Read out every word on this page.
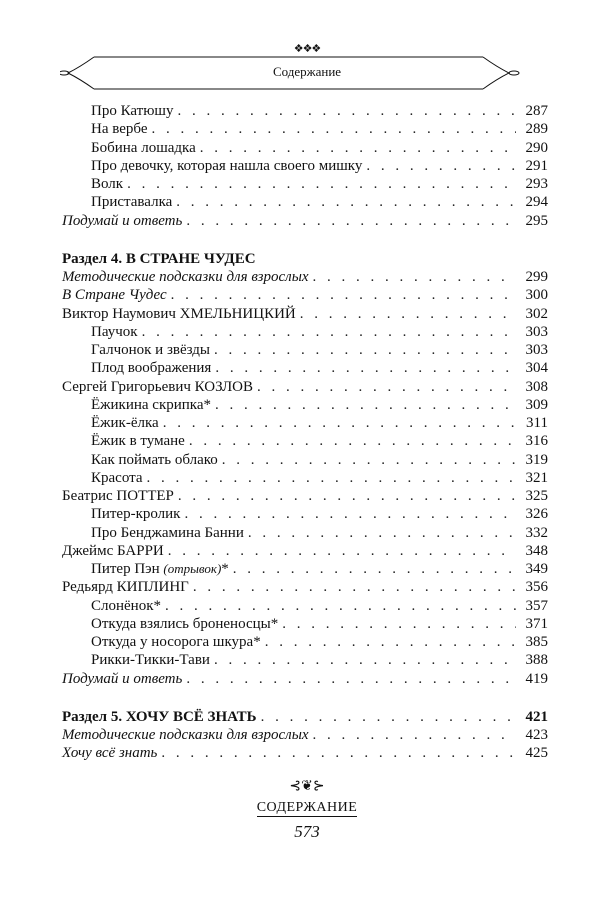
❖❖❖
Содержание
Про Катюшу . . .	287
На вербе . . .	289
Бобина лошадка . . .	290
Про девочку, которая нашла своего мишку . . .	291
Волк . . .	293
Приставалка . . .	294
Подумай и ответь . . .	295
Раздел 4. В СТРАНЕ ЧУДЕС
Методические подсказки для взрослых . . .	299
В Стране Чудес . . .	300
Виктор Наумович ХМЕЛЬНИЦКИЙ . . .	302
Паучок . . .	303
Галчонок и звёзды . . .	303
Плод воображения . . .	304
Сергей Григорьевич КОЗЛОВ . . .	308
Ёжикина скрипка* . . .	309
Ёжик-ёлка . . .	311
Ёжик в тумане . . .	316
Как поймать облако . . .	319
Красота . . .	321
Беатрис ПОТТЕР . . .	325
Питер-кролик . . .	326
Про Бенджамина Банни . . .	332
Джеймс БАРРИ . . .	348
Питер Пэн (отрывок)* . . .	349
Редьярд КИПЛИНГ . . .	356
Слонёнок* . . .	357
Откуда взялись броненосцы* . . .	371
Откуда у носорога шкура* . . .	385
Рикки-Тикки-Тави . . .	388
Подумай и ответь . . .	419
Раздел 5. ХОЧУ ВСЁ ЗНАТЬ . . .	421
Методические подсказки для взрослых . . .	423
Хочу всё знать . . .	425
⊰❦⊱
СОДЕРЖАНИЕ
573
